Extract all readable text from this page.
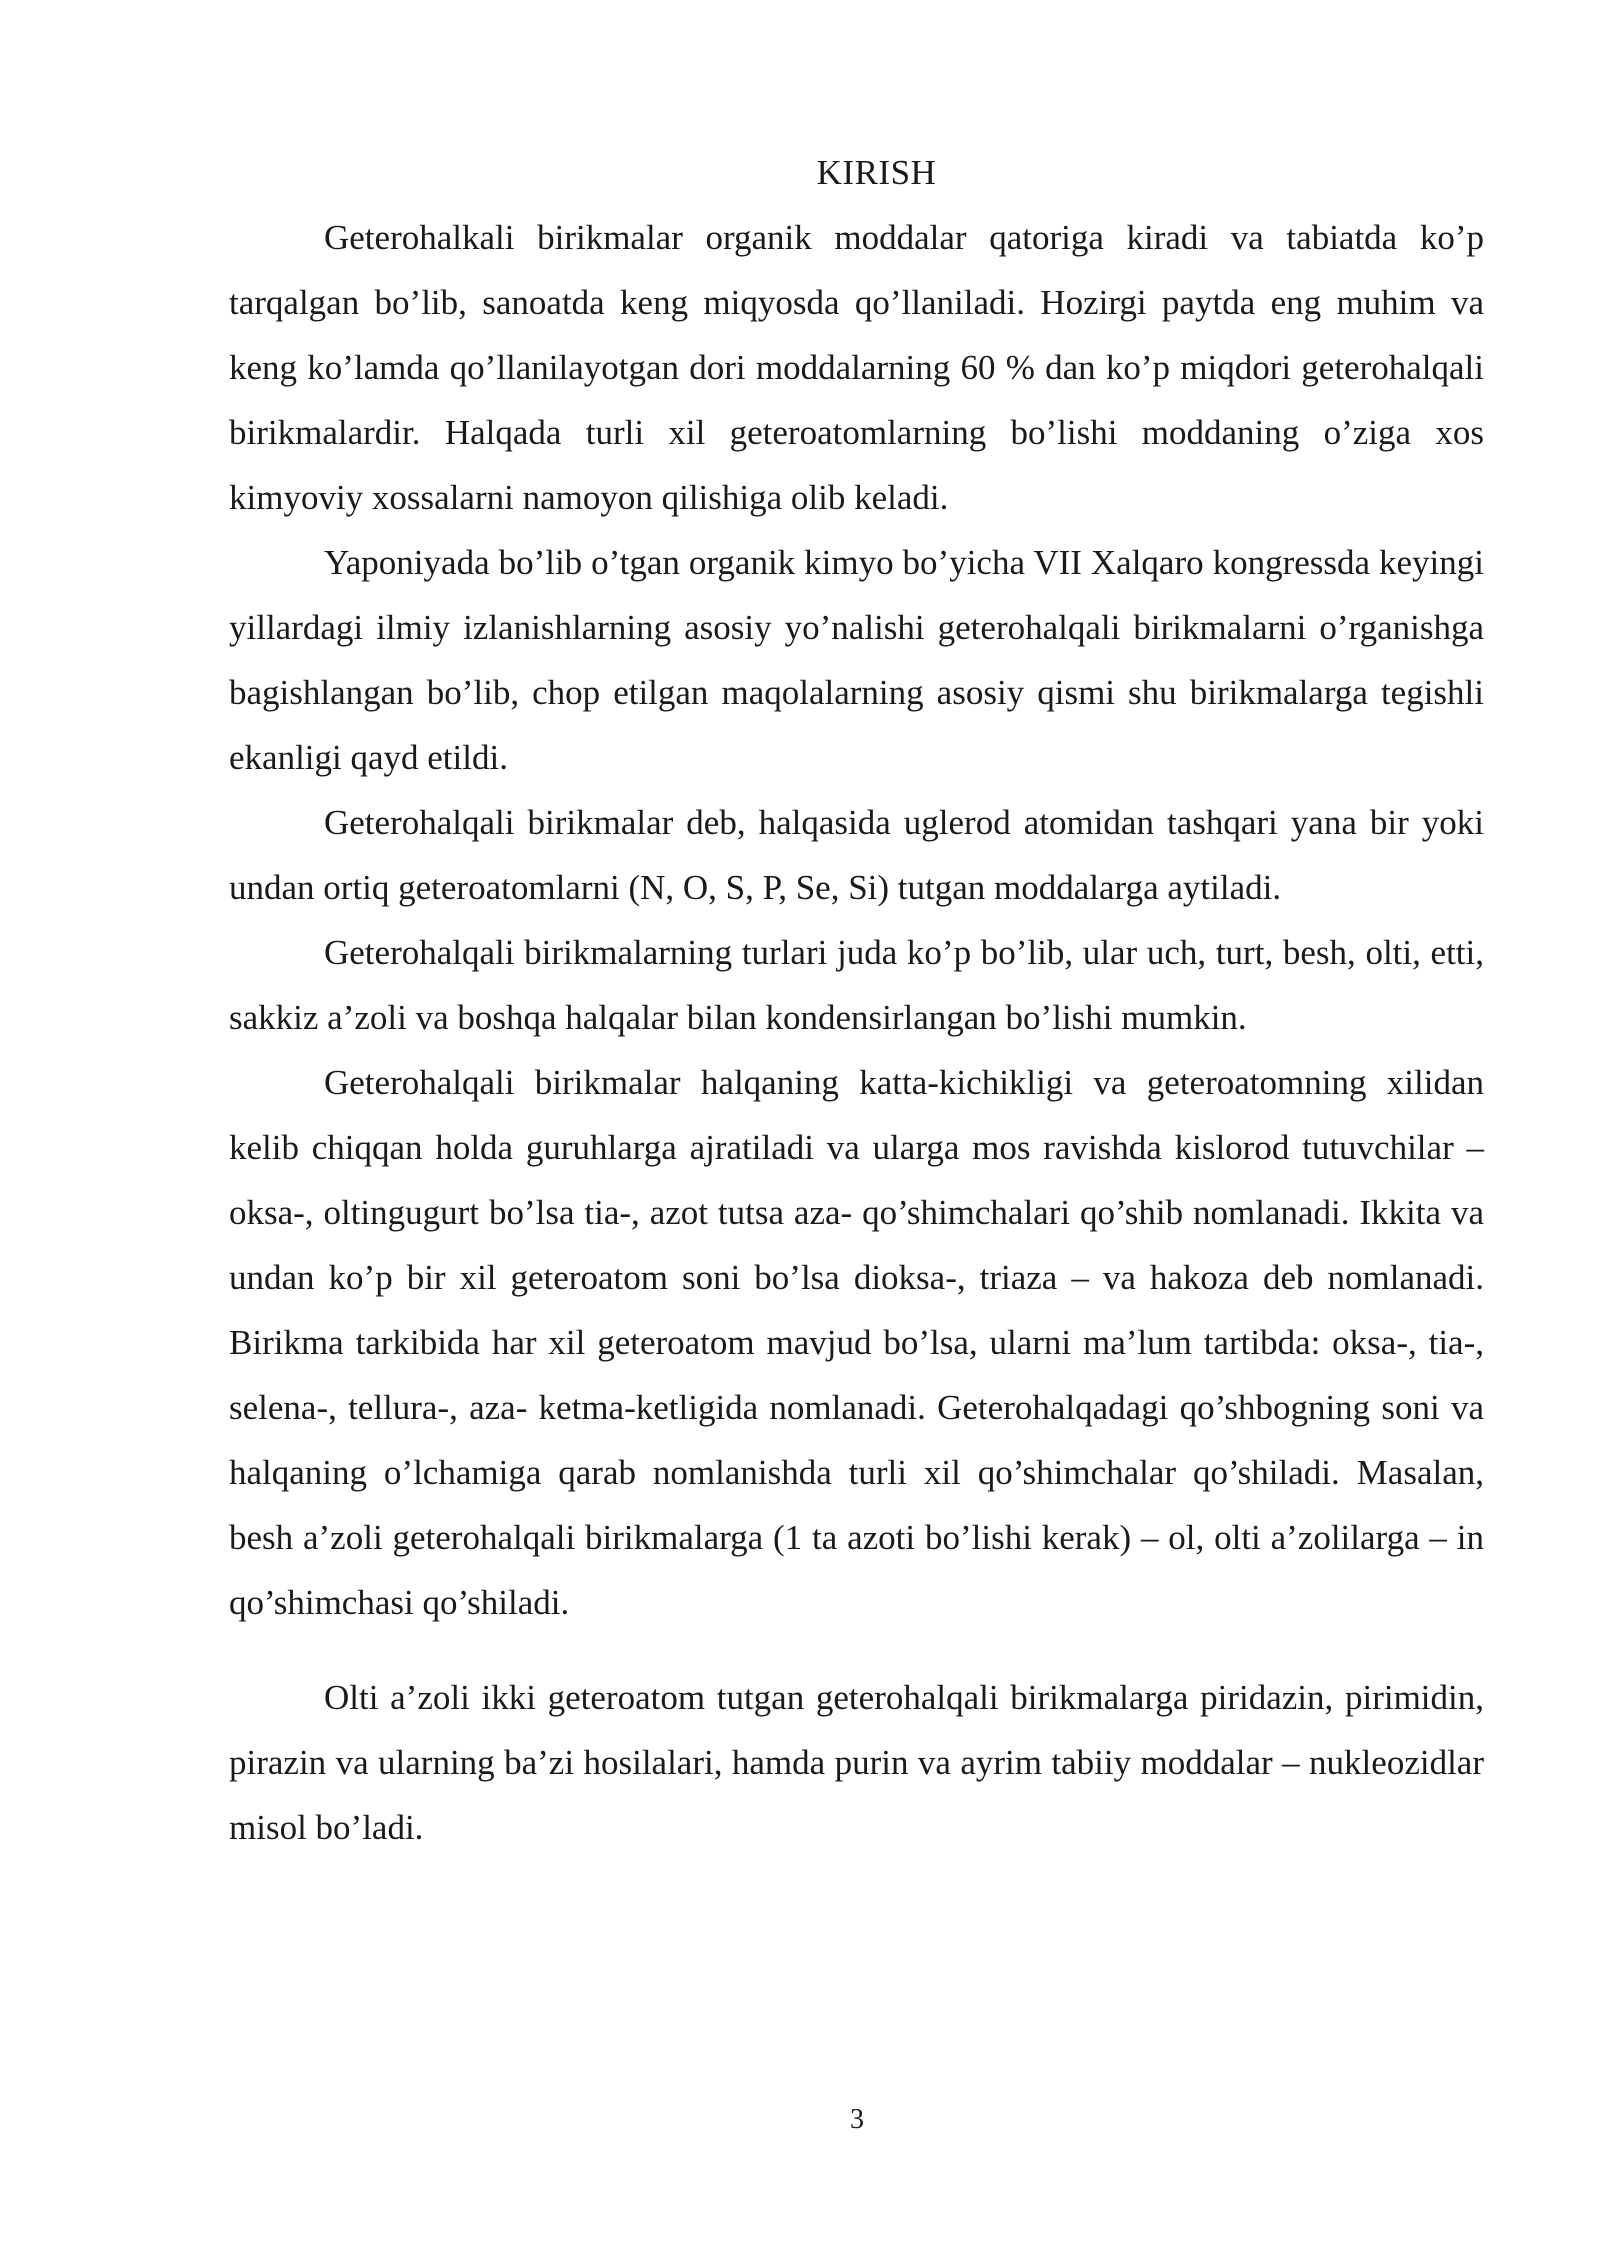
KIRISH

Geterohalkali birikmalar organik moddalar qatoriga kiradi va tabiatda ko’p tarqalgan bo’lib, sanoatda keng miqyosda qo’llaniladi. Hozirgi paytda eng muhim va keng ko’lamda qo’llanilayotgan dori moddalarning 60 % dan ko’p miqdori geterohalqali birikmalardir. Halqada turli xil geteroatomlarning bo’lishi moddaning o’ziga xos kimyoviy xossalarni namoyon qilishiga olib keladi.

Yaponiyada bo’lib o’tgan organik kimyo bo’yicha VII Xalqaro kongressda keyingi yillardagi ilmiy izlanishlarning asosiy yo’nalishi geterohalqali birikmalarni o’rganishga bagishlangan bo’lib, chop etilgan maqolalarning asosiy qismi shu birikmalarga tegishli ekanligi qayd etildi.

Geterohalqali birikmalar deb, halqasida uglerod atomidan tashqari yana bir yoki undan ortiq geteroatomlarni (N, O, S, P, Se, Si) tutgan moddalarga aytiladi.

Geterohalqali birikmalarning turlari juda ko’p bo’lib, ular uch, turt, besh, olti, etti, sakkiz a’zoli va boshqa halqalar bilan kondensirlangan bo’lishi mumkin.

Geterohalqali birikmalar halqaning katta-kichikligi va geteroatomning xilidan kelib chiqqan holda guruhlarga ajratiladi va ularga mos ravishda kislorod tutuvchilar – oksa-, oltingugurt bo’lsa tia-, azot tutsa aza- qo’shimchalari qo’shib nomlanadi. Ikkita va undan ko’p bir xil geteroatom soni bo’lsa dioksa-, triaza – va hakoza deb nomlanadi. Birikma tarkibida har xil geteroatom mavjud bo’lsa, ularni ma’lum tartibda: oksa-, tia-, selena-, tellura-, aza- ketma-ketligida nomlanadi. Geterohalqadagi qo’shbogning soni va halqaning o’lchamiga qarab nomlanishda turli xil qo’shimchalar qo’shiladi. Masalan, besh a’zoli geterohalqali birikmalarga (1 ta azoti bo’lishi kerak) – ol, olti a’zolilarga – in qo’shimchasi qo’shiladi.

Olti a’zoli ikki geteroatom tutgan geterohalqali birikmalarga piridazin, pirimidin, pirazin va ularning ba’zi hosilalari, hamda purin va ayrim tabiiy moddalar – nukleozidlar misol bo’ladi.

3
